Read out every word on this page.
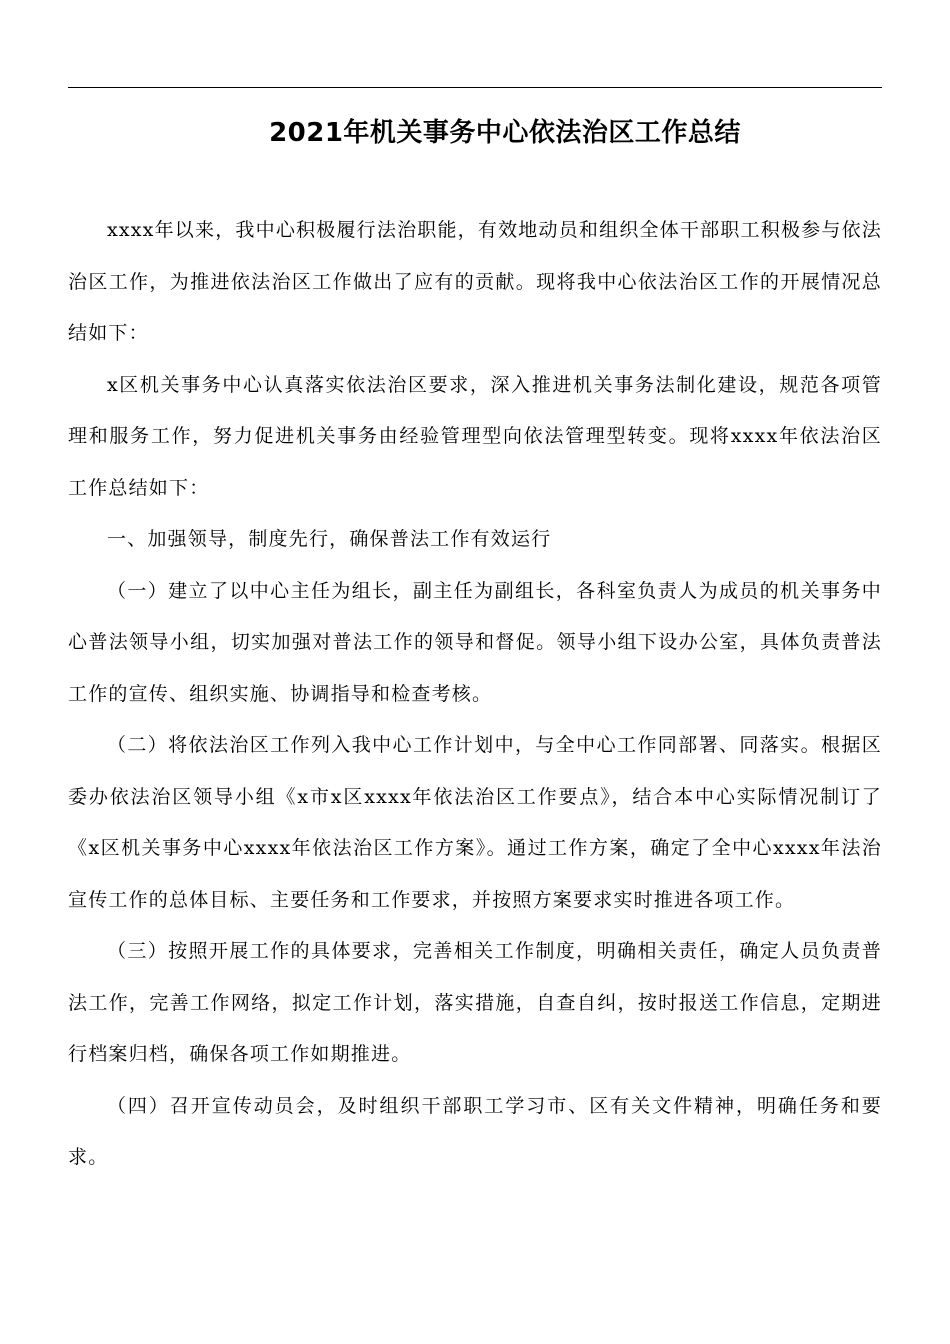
2021年机关事务中心依法治区工作总结

xxxx年以来，我中心积极履行法治职能，有效地动员和组织全体干部职工积极参与依法治区工作，为推进依法治区工作做出了应有的贡献。现将我中心依法治区工作的开展情况总结如下：

x区机关事务中心认真落实依法治区要求，深入推进机关事务法制化建设，规范各项管理和服务工作，努力促进机关事务由经验管理型向依法管理型转变。现将xxxx年依法治区工作总结如下：

一、加强领导，制度先行，确保普法工作有效运行

（一）建立了以中心主任为组长，副主任为副组长，各科室负责人为成员的机关事务中心普法领导小组，切实加强对普法工作的领导和督促。领导小组下设办公室，具体负责普法工作的宣传、组织实施、协调指导和检查考核。

（二）将依法治区工作列入我中心工作计划中，与全中心工作同部署、同落实。根据区委办依法治区领导小组《x市x区xxxx年依法治区工作要点》，结合本中心实际情况制订了《x区机关事务中心xxxx年依法治区工作方案》。通过工作方案，确定了全中心xxxx年法治宣传工作的总体目标、主要任务和工作要求，并按照方案要求实时推进各项工作。

（三）按照开展工作的具体要求，完善相关工作制度，明确相关责任，确定人员负责普法工作，完善工作网络，拟定工作计划，落实措施，自查自纠，按时报送工作信息，定期进行档案归档，确保各项工作如期推进。

（四）召开宣传动员会，及时组织干部职工学习市、区有关文件精神，明确任务和要求。
